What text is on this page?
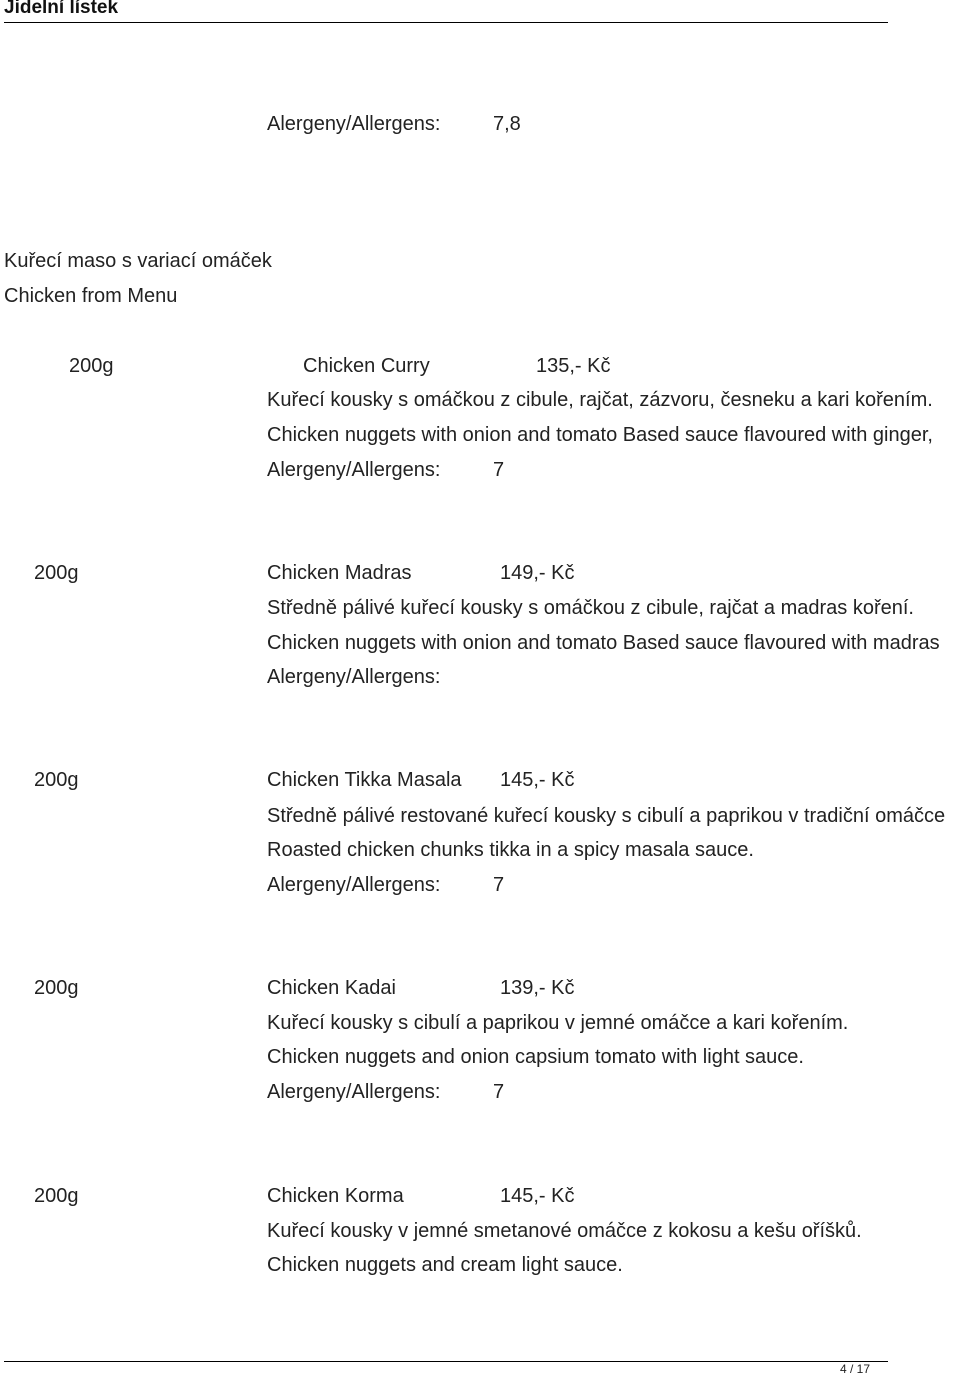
Jidelní lístek
Alergeny/Allergens:	7,8
Kuřecí maso s variací omáček
Chicken from Menu
200g	Chicken Curry	135,- Kč
Kuřecí kousky s omáčkou z cibule, rajčat, zázvoru, česneku a kari kořením.
Chicken nuggets with onion and tomato Based sauce flavoured with ginger,
Alergeny/Allergens:	7
200g	Chicken Madras	149,- Kč
Středně pálivé kuřecí kousky s omáčkou z cibule, rajčat a madras koření.
Chicken nuggets with onion and tomato Based sauce flavoured with madras
Alergeny/Allergens:
200g	Chicken Tikka Masala 145,- Kč
Středně pálivé restované kuřecí kousky s cibulí a paprikou v tradiční omáčce
Roasted chicken chunks tikka in a spicy masala sauce.
Alergeny/Allergens:	7
200g	Chicken Kadai	139,- Kč
Kuřecí kousky s cibulí a paprikou v jemné omáčce a kari kořením.
Chicken nuggets and onion capsium tomato with light sauce.
Alergeny/Allergens:	7
200g	Chicken Korma	145,- Kč
Kuřecí kousky v jemné smetanové omáčce z kokosu a kešu oříšků.
Chicken nuggets and cream light sauce.
4 / 17
